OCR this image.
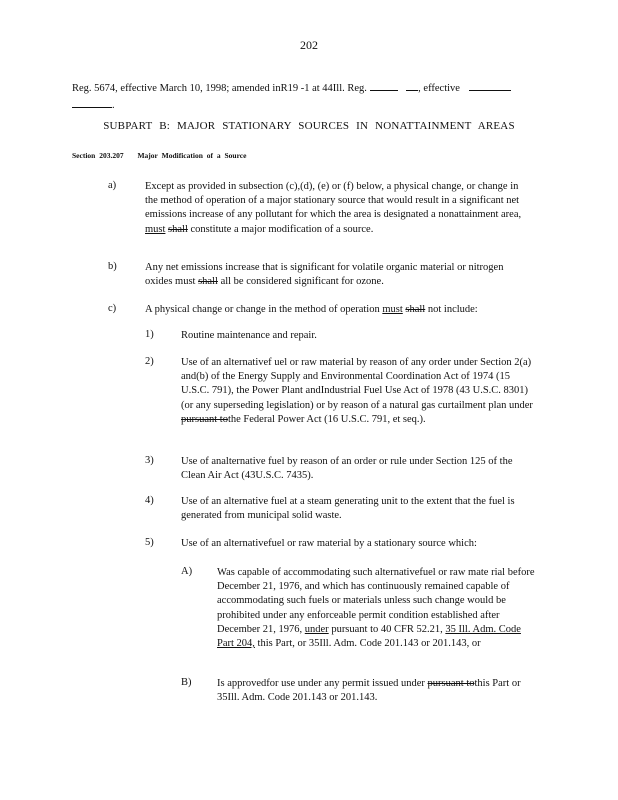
202
Reg. 5674, effective March 10, 1998; amended inR19 -1 at 44Ill. Reg.	, effective
.
SUBPART B: MAJOR STATIONARY SOURCES IN NONATTAINMENT AREAS
Section 203.207 Major Modification of a Source
a)	Except as provided in subsection (c),(d), (e) or (f) below, a physical change, or change in the method of operation of a major stationary source that would result in a significant net emissions increase of any pollutant for which the area is designated a nonattainment area, must shall constitute a major modification of a source.
b)	Any net emissions increase that is significant for volatile organic material or nitrogen oxides must shall all be considered significant for ozone.
c)	A physical change or change in the method of operation must shall not include:
1)	Routine maintenance and repair.
2)	Use of an alternativef uel or raw material by reason of any order under Section 2(a) and(b) of the Energy Supply and Environmental Coordination Act of 1974 (15 U.S.C. 791), the Power Plant andIndustrial Fuel Use Act of 1978 (43 U.S.C. 8301) (or any superseding legislation) or by reason of a natural gas curtailment plan under pursuant tothe Federal Power Act (16 U.S.C. 791, et seq.).
3)	Use of analternative fuel by reason of an order or rule under Section 125 of the Clean Air Act (43U.S.C. 7435).
4)	Use of an alternative fuel at a steam generating unit to the extent that the fuel is generated from municipal solid waste.
5)	Use of an alternativefuel or raw material by a stationary source which:
A) Was capable of accommodating such alternativefuel or raw mate rial before December 21, 1976, and which has continuously remained capable of accommodating such fuels or materials unless such change would be prohibited under any enforceable permit condition established after December 21, 1976, under pursuant to 40 CFR 52.21, 35 Ill. Adm. Code Part 204, this Part, or 35Ill. Adm. Code 201.143 or 201.143, or
B) Is approvedfor use under any permit issued under pursuant tothis Part or 35Ill. Adm. Code 201.143 or 201.143.
